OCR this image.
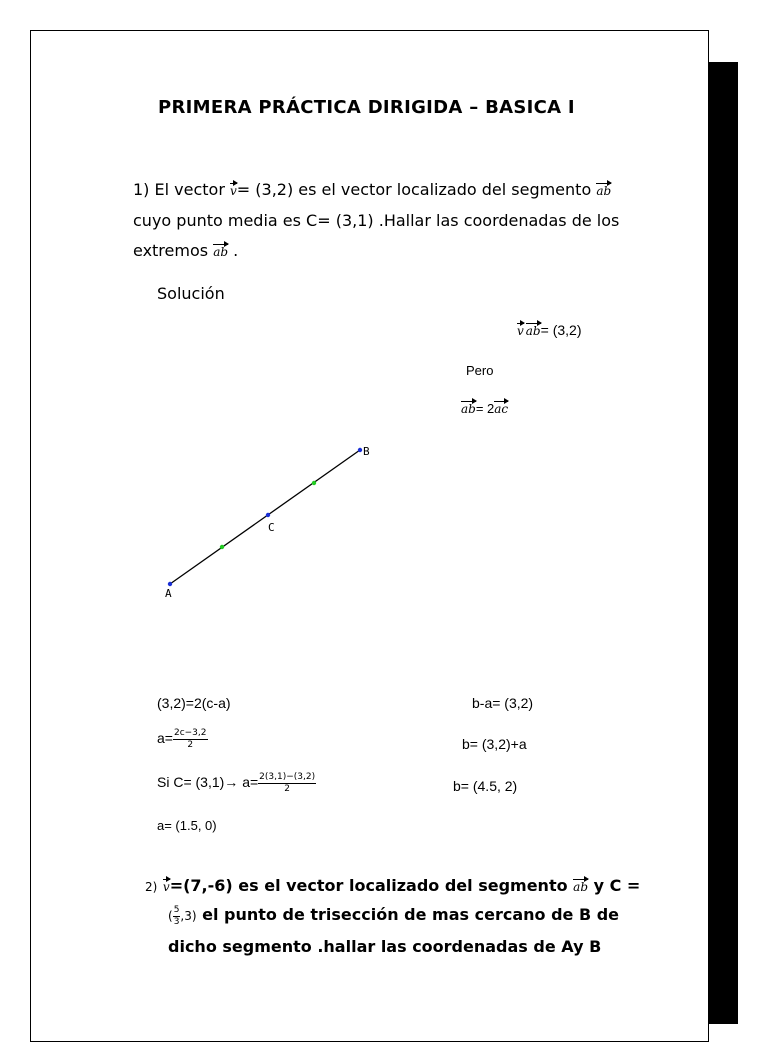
PRIMERA PRÁCTICA DIRIGIDA – BASICA I
1) El vector v= (3,2) es el vector localizado del segmento ab
cuyo punto media es C= (3,1) .Hallar las coordenadas de los
extremos ab .
Solución
v ab= (3,2)
Pero
ab= 2ac
A
B
C
(3,2)=2(c-a)
$a= \frac{2c-3,2}{2}$
Si $C= (3,1)\to a= \frac{2(3,1)-(3,2)}{2}$
a= (1.5, 0)
b-a= (3,2)
b= (3,2)+a
b= (4.5, 2)
2) v=(7,-6) es el vector localizado del segmento ab y C =
( $\frac{5}{3} ,3$) el punto de trisección de mas cercano de B de
dicho segmento .hallar las coordenadas de Ay B
